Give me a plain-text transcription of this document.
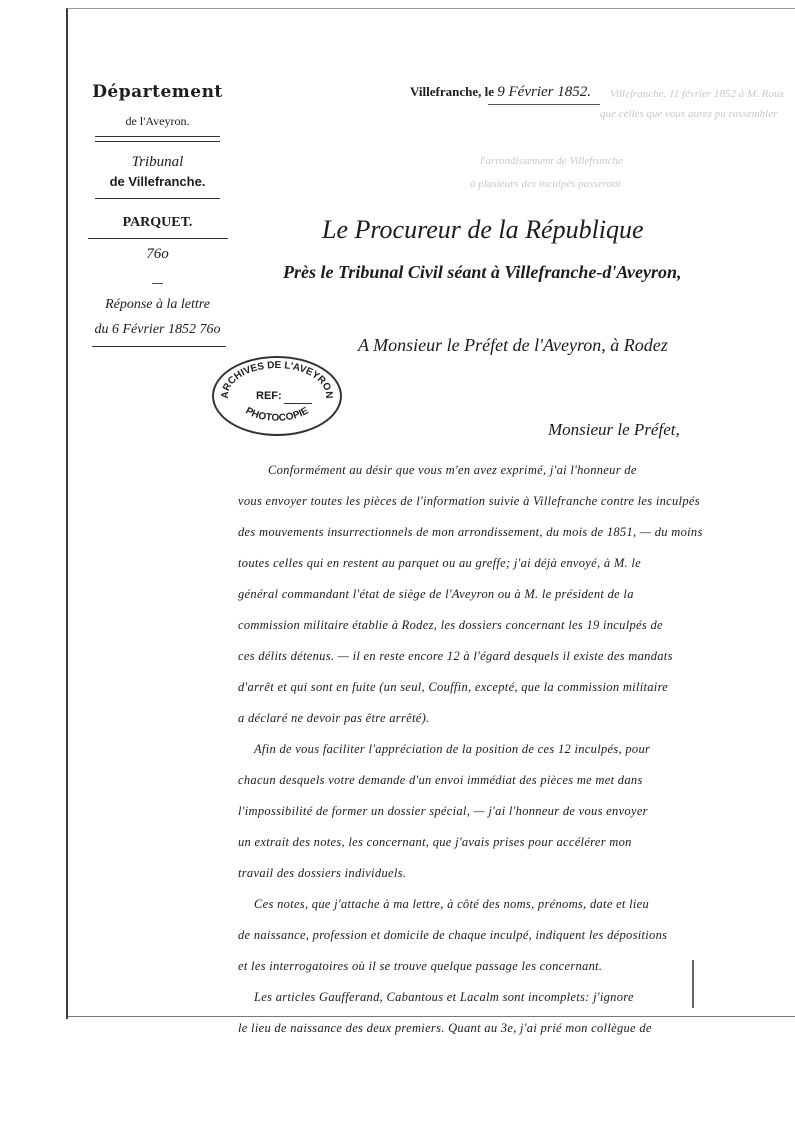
Département
de l'Aveyron.
Tribunal
de Villefranche.
PARQUET.
76o
—
Réponse à la lettre
du 6 Février 1852 76o
Villefranche, le 9 Février 1852. Villefranche, 11 février 1852 à M. Roux
que celles que vous aurez pu rassembler
l'arrondissement de Villefranche
à plusieurs des inculpés passeront
Le Procureur de la République
Près le Tribunal Civil séant à Villefranche-d'Aveyron,
A Monsieur le Préfet de l'Aveyron, à Rodez
ARCHIVES DE L'AVEYRON
PHOTOCOPIE
REF:
Monsieur le Préfet,
Conformément au désir que vous m'en avez exprimé, j'ai l'honneur de
vous envoyer toutes les pièces de l'information suivie à Villefranche contre les inculpés
des mouvements insurrectionnels de mon arrondissement, du mois de 1851, — du moins
toutes celles qui en restent au parquet ou au greffe; j'ai déjà envoyé, à M. le
général commandant l'état de siège de l'Aveyron ou à M. le président de la
commission militaire établie à Rodez, les dossiers concernant les 19 inculpés de
ces délits détenus. — il en reste encore 12 à l'égard desquels il existe des mandats
d'arrêt et qui sont en fuite (un seul, Couffin, excepté, que la commission militaire
a déclaré ne devoir pas être arrêté).
Afin de vous faciliter l'appréciation de la position de ces 12 inculpés, pour
chacun desquels votre demande d'un envoi immédiat des pièces me met dans
l'impossibilité de former un dossier spécial, — j'ai l'honneur de vous envoyer
un extrait des notes, les concernant, que j'avais prises pour accélérer mon
travail des dossiers individuels.
Ces notes, que j'attache à ma lettre, à côté des noms, prénoms, date et lieu
de naissance, profession et domicile de chaque inculpé, indiquent les dépositions
et les interrogatoires où il se trouve quelque passage les concernant.
Les articles Gaufferand, Cabantous et Lacalm sont incomplets: j'ignore
le lieu de naissance des deux premiers. Quant au 3e, j'ai prié mon collègue de
